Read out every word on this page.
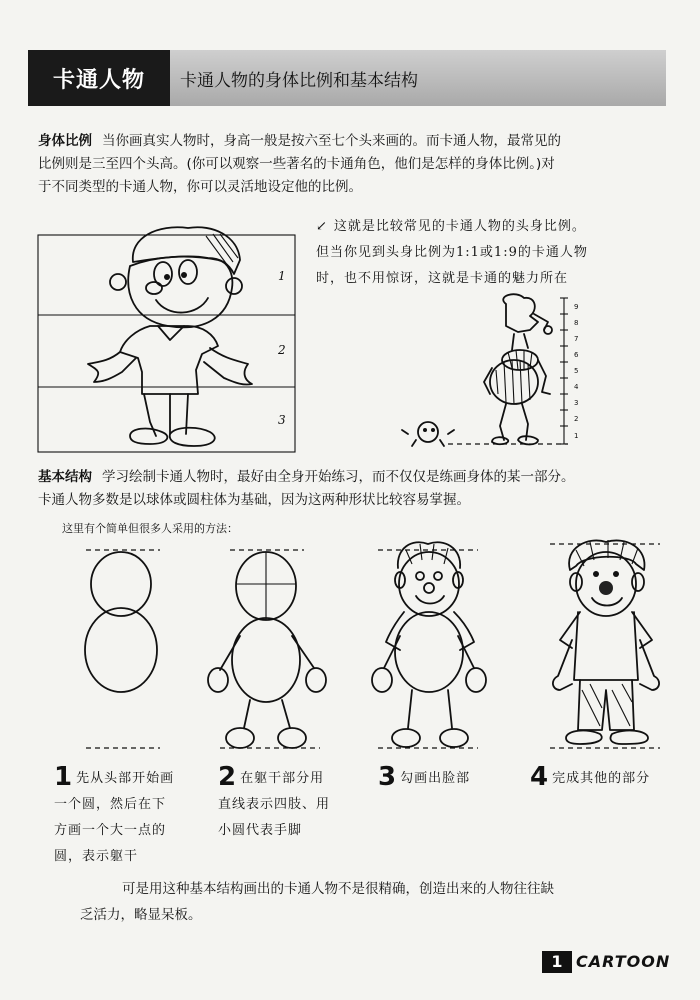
卡通人物	卡通人物的身体比例和基本结构
身体比例 当你画真实人物时，身高一般是按六至七个头来画的。而卡通人物，最常见的
比例则是三至四个头高。(你可以观察一些著名的卡通角色，他们是怎样的身体比例。)对
于不同类型的卡通人物，你可以灵活地设定他的比例。
1
2
3
↙ 这就是比较常见的卡通人物的头身比例。
但当你见到头身比例为1:1或1:9的卡通人物
时，也不用惊讶，这就是卡通的魅力所在
9
8
7
6
5
4
3
2
1
基本结构 学习绘制卡通人物时，最好由全身开始练习，而不仅仅是练画身体的某一部分。
卡通人物多数是以球体或圆柱体为基础，因为这两种形状比较容易掌握。
这里有个简单但很多人采用的方法：
1 先从头部开始画
一个圆，然后在下
方画一个大一点的
圆，表示躯干
2 在躯干部分用
直线表示四肢、用
小圆代表手脚
3 勾画出脸部	4 完成其他的部分
可是用这种基本结构画出的卡通人物不是很精确，创造出来的人物往往缺
乏活力，略显呆板。
1 CARTOON
